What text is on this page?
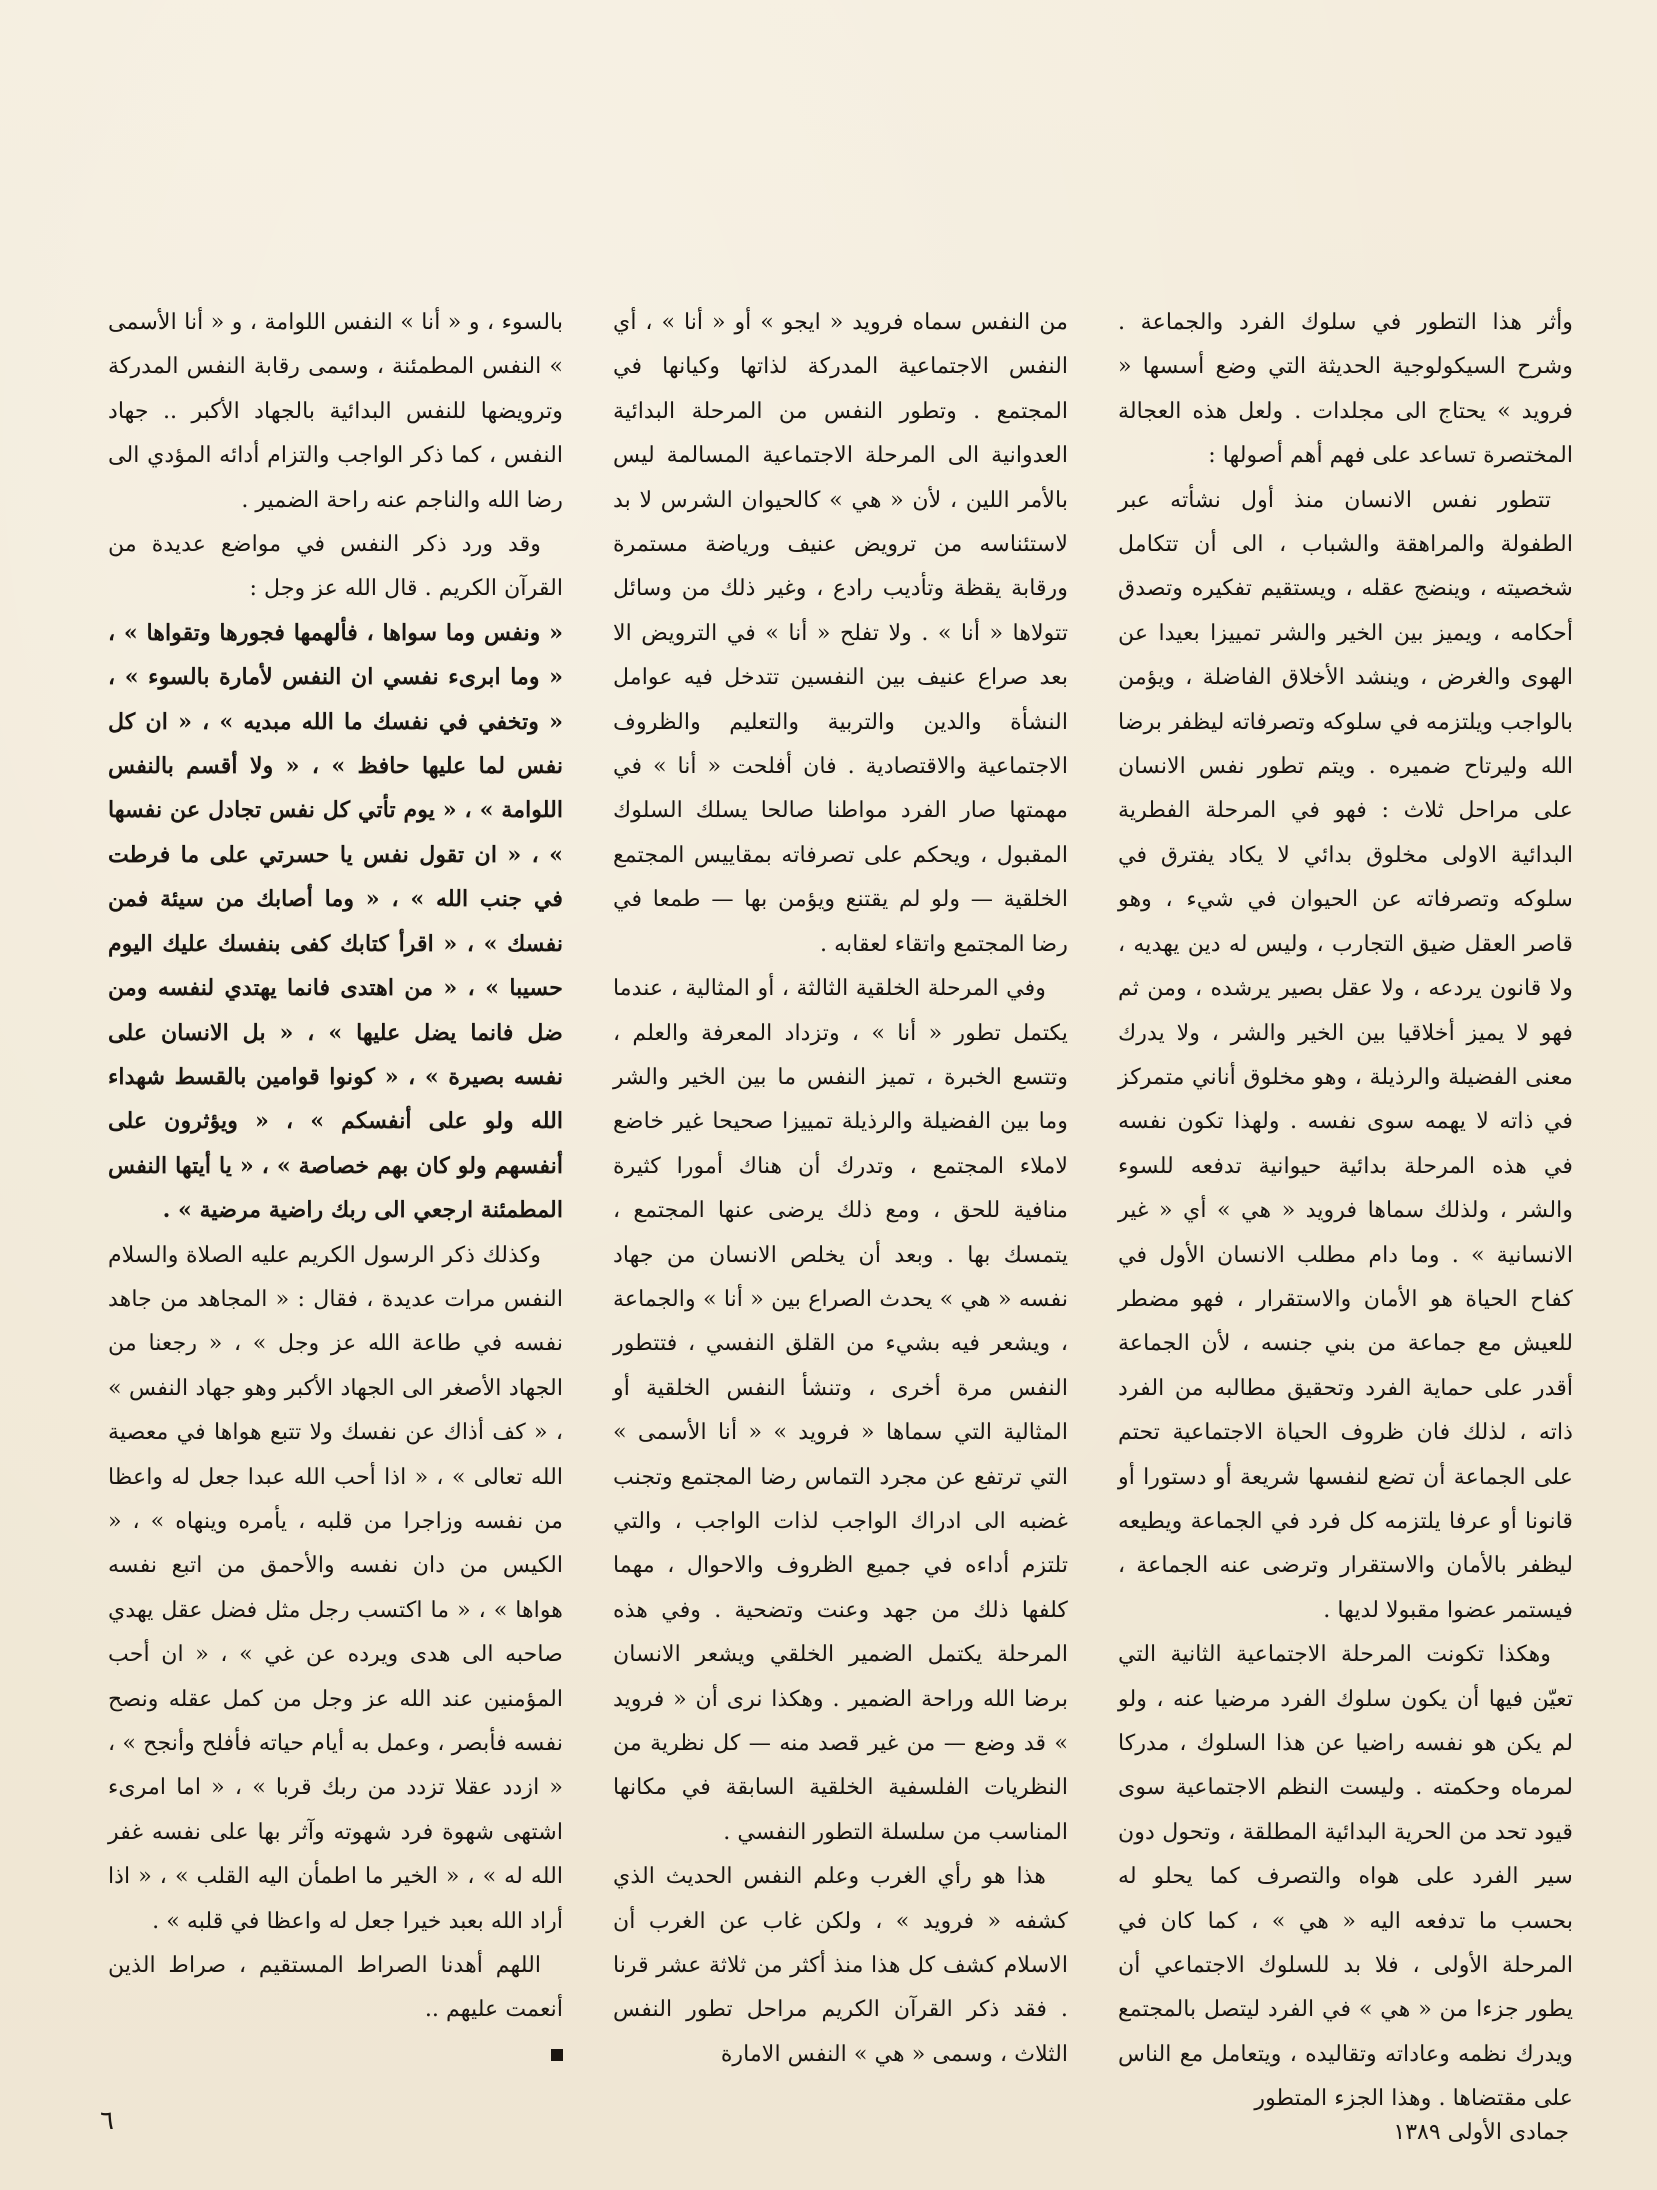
وأثر هذا التطور في سلوك الفرد والجماعة . وشرح السيكولوجية الحديثة التي وضع أسسها « فرويد » يحتاج الى مجلدات . ولعل هذه العجالة المختصرة تساعد على فهم أهم أصولها :

تتطور نفس الانسان منذ أول نشأته عبر الطفولة والمراهقة والشباب ، الى أن تتكامل شخصيته ، وينضج عقله ، ويستقيم تفكيره وتصدق أحكامه ، ويميز بين الخير والشر تمييزا بعيدا عن الهوى والغرض ، وينشد الأخلاق الفاضلة ، ويؤمن بالواجب ويلتزمه في سلوكه وتصرفاته ليظفر برضا الله وليرتاح ضميره . ويتم تطور نفس الانسان على مراحل ثلاث : فهو في المرحلة الفطرية البدائية الاولى مخلوق بدائي لا يكاد يفترق في سلوكه وتصرفاته عن الحيوان في شيء ، وهو قاصر العقل ضيق التجارب ، وليس له دين يهديه ، ولا قانون يردعه ، ولا عقل بصير يرشده ، ومن ثم فهو لا يميز أخلاقيا بين الخير والشر ، ولا يدرك معنى الفضيلة والرذيلة ، وهو مخلوق أناني متمركز في ذاته لا يهمه سوى نفسه . ولهذا تكون نفسه في هذه المرحلة بدائية حيوانية تدفعه للسوء والشر ، ولذلك سماها فرويد « هي » أي « غير الانسانية » . وما دام مطلب الانسان الأول في كفاح الحياة هو الأمان والاستقرار ، فهو مضطر للعيش مع جماعة من بني جنسه ، لأن الجماعة أقدر على حماية الفرد وتحقيق مطالبه من الفرد ذاته ، لذلك فان ظروف الحياة الاجتماعية تحتم على الجماعة أن تضع لنفسها شريعة أو دستورا أو قانونا أو عرفا يلتزمه كل فرد في الجماعة ويطيعه ليظفر بالأمان والاستقرار وترضى عنه الجماعة ، فيستمر عضوا مقبولا لديها .

وهكذا تكونت المرحلة الاجتماعية الثانية التي تعيّن فيها أن يكون سلوك الفرد مرضيا عنه ، ولو لم يكن هو نفسه راضيا عن هذا السلوك ، مدركا لمرماه وحكمته . وليست النظم الاجتماعية سوى قيود تحد من الحرية البدائية المطلقة ، وتحول دون سير الفرد على هواه والتصرف كما يحلو له بحسب ما تدفعه اليه « هي » ، كما كان في المرحلة الأولى ، فلا بد للسلوك الاجتماعي أن يطور جزءا من « هي » في الفرد ليتصل بالمجتمع ويدرك نظمه وعاداته وتقاليده ، ويتعامل مع الناس على مقتضاها . وهذا الجزء المتطور

من النفس سماه فرويد « ايجو » أو « أنا » ، أي النفس الاجتماعية المدركة لذاتها وكيانها في المجتمع . وتطور النفس من المرحلة البدائية العدوانية الى المرحلة الاجتماعية المسالمة ليس بالأمر اللين ، لأن « هي » كالحيوان الشرس لا بد لاستئناسه من ترويض عنيف ورياضة مستمرة ورقابة يقظة وتأديب رادع ، وغير ذلك من وسائل تتولاها « أنا » . ولا تفلح « أنا » في الترويض الا بعد صراع عنيف بين النفسين تتدخل فيه عوامل النشأة والدين والتربية والتعليم والظروف الاجتماعية والاقتصادية . فان أفلحت « أنا » في مهمتها صار الفرد مواطنا صالحا يسلك السلوك المقبول ، ويحكم على تصرفاته بمقاييس المجتمع الخلقية — ولو لم يقتنع ويؤمن بها — طمعا في رضا المجتمع واتقاء لعقابه .

وفي المرحلة الخلقية الثالثة ، أو المثالية ، عندما يكتمل تطور « أنا » ، وتزداد المعرفة والعلم ، وتتسع الخبرة ، تميز النفس ما بين الخير والشر وما بين الفضيلة والرذيلة تمييزا صحيحا غير خاضع لاملاء المجتمع ، وتدرك أن هناك أمورا كثيرة منافية للحق ، ومع ذلك يرضى عنها المجتمع ، يتمسك بها . وبعد أن يخلص الانسان من جهاد نفسه « هي » يحدث الصراع بين « أنا » والجماعة ، ويشعر فيه بشيء من القلق النفسي ، فتتطور النفس مرة أخرى ، وتنشأ النفس الخلقية أو المثالية التي سماها « فرويد » « أنا الأسمى » التي ترتفع عن مجرد التماس رضا المجتمع وتجنب غضبه الى ادراك الواجب لذات الواجب ، والتي تلتزم أداءه في جميع الظروف والاحوال ، مهما كلفها ذلك من جهد وعنت وتضحية . وفي هذه المرحلة يكتمل الضمير الخلقي ويشعر الانسان برضا الله وراحة الضمير . وهكذا نرى أن « فرويد » قد وضع — من غير قصد منه — كل نظرية من النظريات الفلسفية الخلقية السابقة في مكانها المناسب من سلسلة التطور النفسي .

هذا هو رأي الغرب وعلم النفس الحديث الذي كشفه « فرويد » ، ولكن غاب عن الغرب أن الاسلام كشف كل هذا منذ أكثر من ثلاثة عشر قرنا . فقد ذكر القرآن الكريم مراحل تطور النفس الثلاث ، وسمى « هي » النفس الامارة

بالسوء ، و « أنا » النفس اللوامة ، و « أنا الأسمى » النفس المطمئنة ، وسمى رقابة النفس المدركة وترويضها للنفس البدائية بالجهاد الأكبر .. جهاد النفس ، كما ذكر الواجب والتزام أدائه المؤدي الى رضا الله والناجم عنه راحة الضمير .

وقد ورد ذكر النفس في مواضع عديدة من القرآن الكريم . قال الله عز وجل :

« ونفس وما سواها ، فألهمها فجورها وتقواها » ، « وما ابرىء نفسي ان النفس لأمارة بالسوء » ، « وتخفي في نفسك ما الله مبديه » ، « ان كل نفس لما عليها حافظ » ، « ولا أقسم بالنفس اللوامة » ، « يوم تأتي كل نفس تجادل عن نفسها » ، « ان تقول نفس يا حسرتي على ما فرطت في جنب الله » ، « وما أصابك من سيئة فمن نفسك » ، « اقرأ كتابك كفى بنفسك عليك اليوم حسيبا » ، « من اهتدى فانما يهتدي لنفسه ومن ضل فانما يضل عليها » ، « بل الانسان على نفسه بصيرة » ، « كونوا قوامين بالقسط شهداء الله ولو على أنفسكم » ، « ويؤثرون على أنفسهم ولو كان بهم خصاصة » ، « يا أيتها النفس المطمئنة ارجعي الى ربك راضية مرضية » .

وكذلك ذكر الرسول الكريم عليه الصلاة والسلام النفس مرات عديدة ، فقال : « المجاهد من جاهد نفسه في طاعة الله عز وجل » ، « رجعنا من الجهاد الأصغر الى الجهاد الأكبر وهو جهاد النفس » ، « كف أذاك عن نفسك ولا تتبع هواها في معصية الله تعالى » ، « اذا أحب الله عبدا جعل له واعظا من نفسه وزاجرا من قلبه ، يأمره وينهاه » ، « الكيس من دان نفسه والأحمق من اتبع نفسه هواها » ، « ما اكتسب رجل مثل فضل عقل يهدي صاحبه الى هدى ويرده عن غي » ، « ان أحب المؤمنين عند الله عز وجل من كمل عقله ونصح نفسه فأبصر ، وعمل به أيام حياته فأفلح وأنجح » ، « ازدد عقلا تزدد من ربك قربا » ، « اما امرىء اشتهى شهوة فرد شهوته وآثر بها على نفسه غفر الله له » ، « الخير ما اطمأن اليه القلب » ، « اذا أراد الله بعبد خيرا جعل له واعظا في قلبه » .

اللهم أهدنا الصراط المستقيم ، صراط الذين أنعمت عليهم ..

٦	جمادى الأولى ١٣٨٩
